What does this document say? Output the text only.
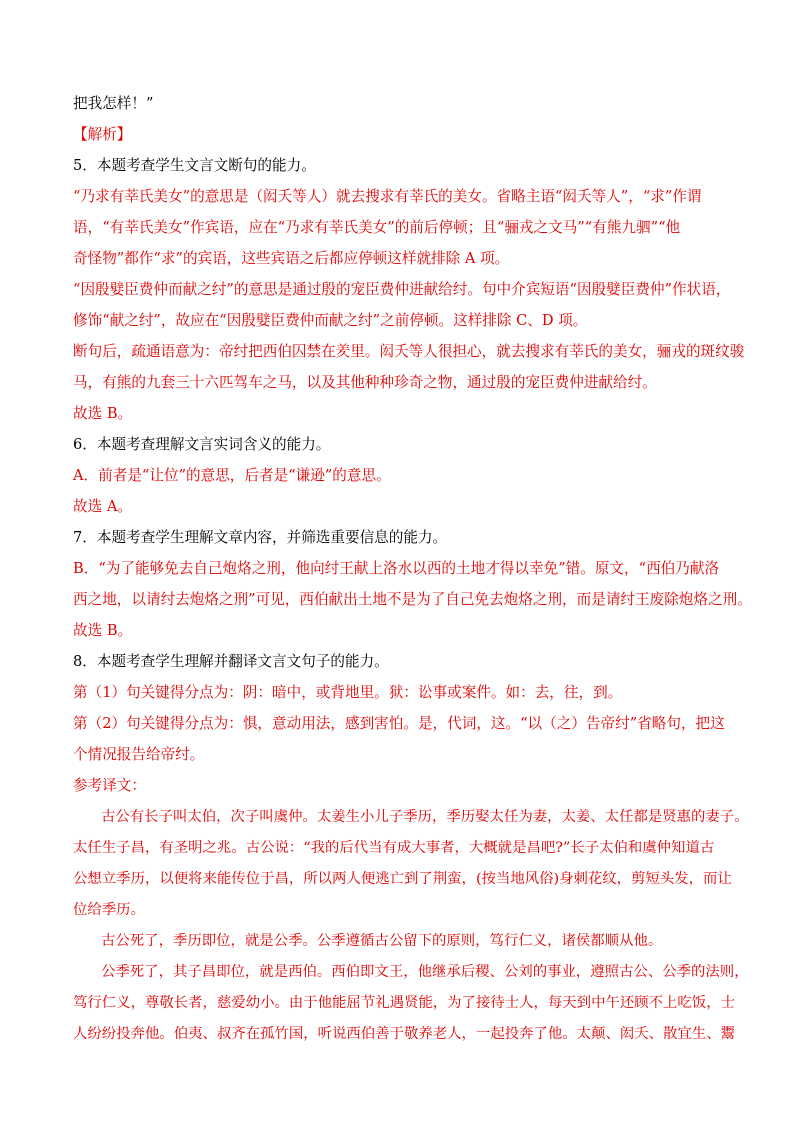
把我怎样！”
【解析】
5．本题考查学生文言文断句的能力。
“乃求有莘氏美女”的意思是（闳夭等人）就去搜求有莘氏的美女。省略主语“闳夭等人”，“求”作谓
语，“有莘氏美女”作宾语，应在“乃求有莘氏美女”的前后停顿；且“骊戎之文马”“有熊九驷”“他
奇怪物”都作“求”的宾语，这些宾语之后都应停顿这样就排除 A 项。
“因殷嬖臣费仲而献之纣”的意思是通过殷的宠臣费仲进献给纣。句中介宾短语“因殷嬖臣费仲”作状语，
修饰“献之纣”，故应在“因殷嬖臣费仲而献之纣”之前停顿。这样排除 C、D 项。
断句后，疏通语意为：帝纣把西伯囚禁在羑里。闳夭等人很担心，就去搜求有莘氏的美女，骊戎的斑纹骏
马，有熊的九套三十六匹驾车之马，以及其他种种珍奇之物，通过殷的宠臣费仲进献给纣。
故选 B。
6．本题考查理解文言实词含义的能力。
A．前者是“让位”的意思，后者是“谦逊”的意思。
故选 A。
7．本题考查学生理解文章内容，并筛选重要信息的能力。
B．“为了能够免去自己炮烙之刑，他向纣王献上洛水以西的土地才得以幸免”错。原文，“西伯乃献洛
西之地，以请纣去炮烙之刑”可见，西伯献出土地不是为了自己免去炮烙之刑，而是请纣王废除炮烙之刑。
故选 B。
8．本题考查学生理解并翻译文言文句子的能力。
第（1）句关键得分点为：阴：暗中，或背地里。狱：讼事或案件。如：去，往，到。
第（2）句关键得分点为：惧，意动用法，感到害怕。是，代词，这。“以（之）告帝纣”省略句，把这
个情况报告给帝纣。
参考译文：
古公有长子叫太伯，次子叫虞仲。太姜生小儿子季历，季历娶太任为妻，太姜、太任都是贤惠的妻子。
太任生子昌，有圣明之兆。古公说：“我的后代当有成大事者，大概就是昌吧?”长子太伯和虞仲知道古
公想立季历，以便将来能传位于昌，所以两人便逃亡到了荆蛮，(按当地风俗)身刺花纹，剪短头发，而让
位给季历。
古公死了，季历即位，就是公季。公季遵循古公留下的原则，笃行仁义，诸侯都顺从他。
公季死了，其子昌即位，就是西伯。西伯即文王，他继承后稷、公刘的事业，遵照古公、公季的法则，
笃行仁义，尊敬长者，慈爱幼小。由于他能屈节礼遇贤能，为了接待士人，每天到中午还顾不上吃饭，士
人纷纷投奔他。伯夷、叔齐在孤竹国，听说西伯善于敬养老人，一起投奔了他。太颠、闳夭、散宜生、鬻
